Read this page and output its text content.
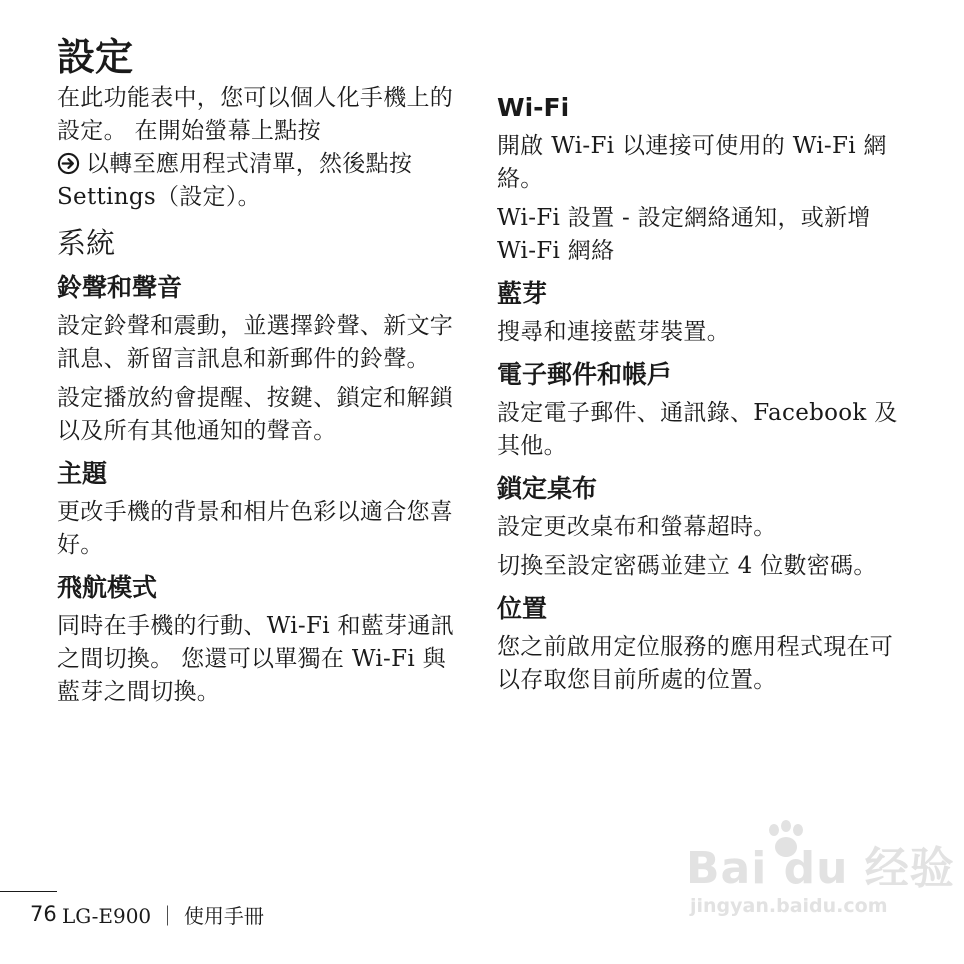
設定

在此功能表中，您可以個人化手機上的設定。 在開始螢幕上點按
以轉至應用程式清單，然後點按 Settings（設定）。

系統
鈴聲和聲音

設定鈴聲和震動，並選擇鈴聲、新文字訊息、新留言訊息和新郵件的鈴聲。

設定播放約會提醒、按鍵、鎖定和解鎖以及所有其他通知的聲音。

主題

更改手機的背景和相片色彩以適合您喜好。

飛航模式

同時在手機的行動、Wi-Fi 和藍芽通訊之間切換。 您還可以單獨在 Wi-Fi 與藍芽之間切換。

Wi-Fi

開啟 Wi-Fi 以連接可使用的 Wi-Fi 網絡。

Wi-Fi 設置 - 設定網絡通知，或新增 Wi-Fi 網絡

藍芽

搜尋和連接藍芽裝置。

電子郵件和帳戶

設定電子郵件、通訊錄、Facebook 及其他。

鎖定桌布

設定更改桌布和螢幕超時。

切換至設定密碼並建立 4 位數密碼。

位置

您之前啟用定位服務的應用程式現在可以存取您目前所處的位置。

76 LG-E900 ｜ 使用手冊
Bai du 经验
jingyan.baidu.com
